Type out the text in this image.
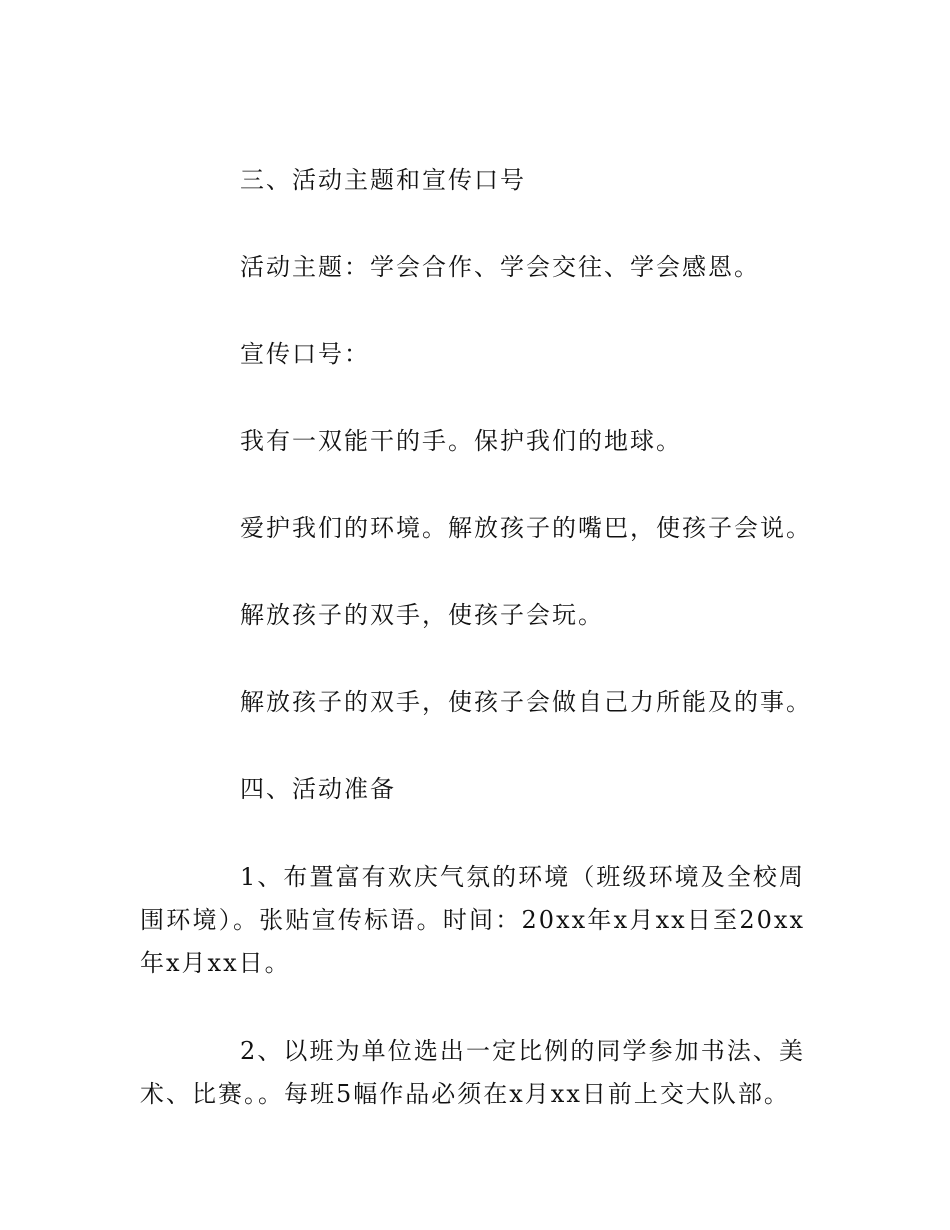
三、活动主题和宣传口号
活动主题：学会合作、学会交往、学会感恩。
宣传口号：
我有一双能干的手。保护我们的地球。
爱护我们的环境。解放孩子的嘴巴，使孩子会说。
解放孩子的双手，使孩子会玩。
解放孩子的双手，使孩子会做自己力所能及的事。
四、活动准备
1、布置富有欢庆气氛的环境（班级环境及全校周围环境）。张贴宣传标语。时间：20xx年x月xx日至20xx年x月xx日。
2、以班为单位选出一定比例的同学参加书法、美术、比赛。。每班5幅作品必须在x月xx日前上交大队部。
